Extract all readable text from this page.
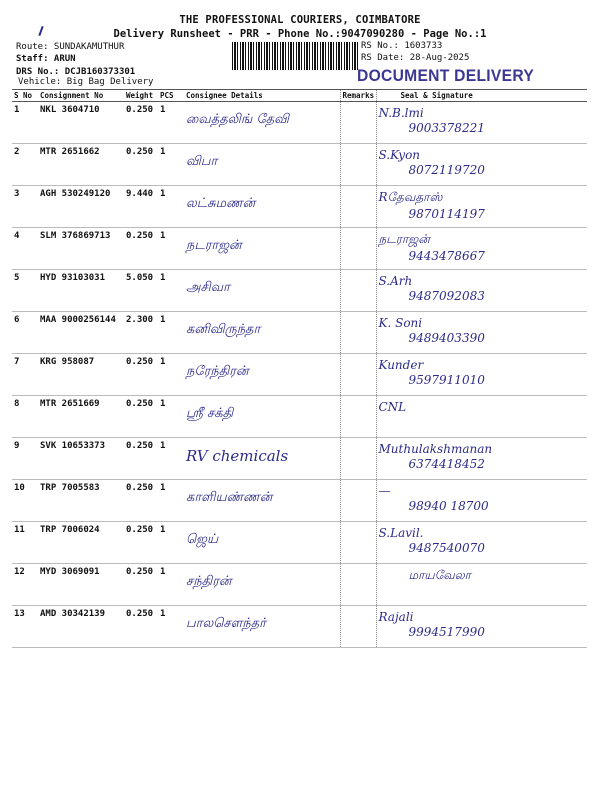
THE PROFESSIONAL COURIERS, COIMBATORE
Delivery Runsheet - PRR - Phone No.:9047090280 - Page No.:1
Route: SUNDAKAMUTHUR
Staff: ARUN
DRS No.: DCJB160373301
Vehicle: Big Bag Delivery
RS No.: 1603733
RS Date: 28-Aug-2025
DOCUMENT DELIVERY
S No	Consignment No	Weight	PCS	Consignee Details	Remarks	Seal & Signature
1	NKL 3604710	0.250	1	வைத்தலிங் தேவி		N.B.lmi
9003378221

2	MTR 2651662	0.250	1	விபா		S.Kyon
8072119720

3	AGH 530249120	9.440	1	லட்சுமணன்		Rதேவதாஸ்
9870114197

4	SLM 376869713	0.250	1	நடராஜன்		நடராஜன்
9443478667

5	HYD 93103031	5.050	1	அசிவா		S.Arh
9487092083

6	MAA 9000256144	2.300	1	கனிவிருந்தா		K. Soni
9489403390

7	KRG 958087	0.250	1	நரேந்திரன்		Kunder
9597911010

8	MTR 2651669	0.250	1	ஸ்ரீ சக்தி		CNL

9	SVK 10653373	0.250	1	RV chemicals		Muthulakshmanan
6374418452

10	TRP 7005583	0.250	1	காளியண்ணன்		—
98940 18700

11	TRP 7006024	0.250	1	ஜெய்		S.Lavil.
9487540070

12	MYD 3069091	0.250	1	சந்திரன்		மாயவேலா

13	AMD 30342139	0.250	1	பாலசௌந்தர்		Rajali
9994517990
